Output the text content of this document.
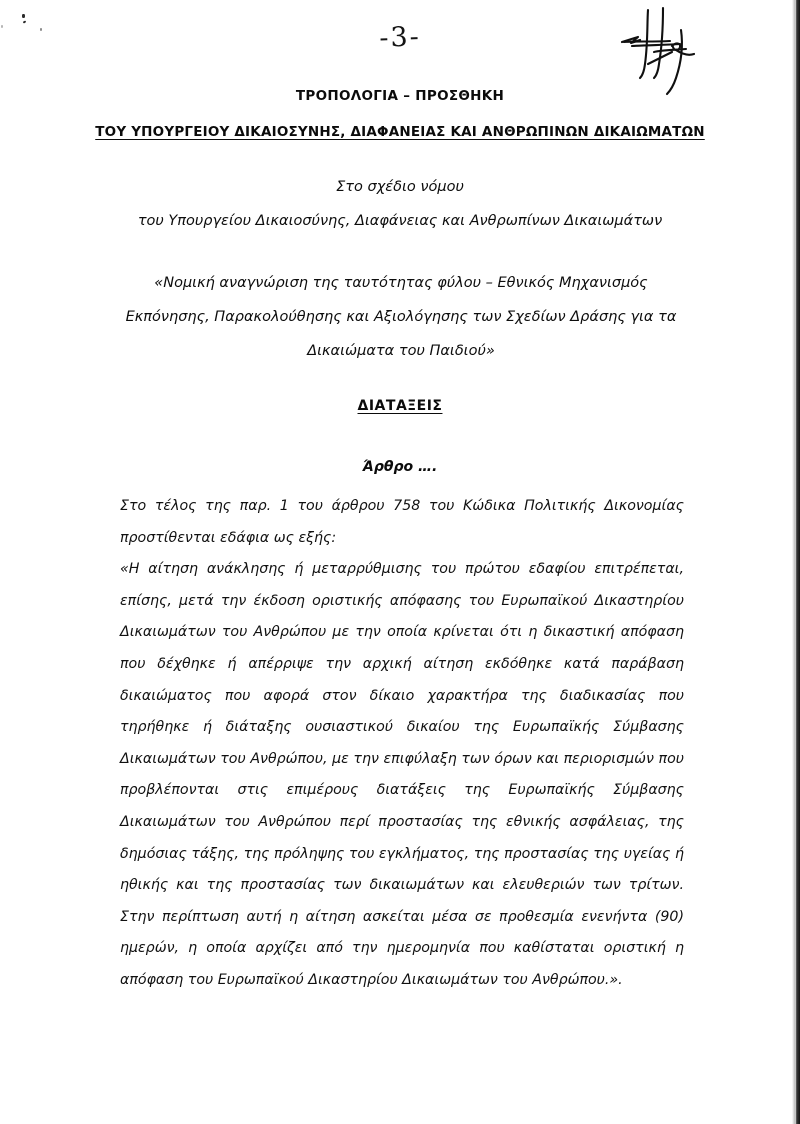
-3-
ΤΡΟΠΟΛΟΓΙΑ – ΠΡΟΣΘΗΚΗ
ΤΟΥ ΥΠΟΥΡΓΕΙΟΥ ΔΙΚΑΙΟΣΥΝΗΣ, ΔΙΑΦΑΝΕΙΑΣ ΚΑΙ ΑΝΘΡΩΠΙΝΩΝ ΔΙΚΑΙΩΜΑΤΩΝ
Στο σχέδιο νόμου
του Υπουργείου Δικαιοσύνης, Διαφάνειας και Ανθρωπίνων Δικαιωμάτων
«Νομική αναγνώριση της ταυτότητας φύλου – Εθνικός Μηχανισμός Εκπόνησης, Παρακολούθησης και Αξιολόγησης των Σχεδίων Δράσης για τα Δικαιώματα του Παιδιού»
ΔΙΑΤΑΞΕΙΣ
Άρθρο ….

Στο τέλος της παρ. 1 του άρθρου 758 του Κώδικα Πολιτικής Δικονομίας προστίθενται εδάφια ως εξής:

«Η αίτηση ανάκλησης ή μεταρρύθμισης του πρώτου εδαφίου επιτρέπεται, επίσης, μετά την έκδοση οριστικής απόφασης του Ευρωπαϊκού Δικαστηρίου Δικαιωμάτων του Ανθρώπου με την οποία κρίνεται ότι η δικαστική απόφαση που δέχθηκε ή απέρριψε την αρχική αίτηση εκδόθηκε κατά παράβαση δικαιώματος που αφορά στον δίκαιο χαρακτήρα της διαδικασίας που τηρήθηκε ή διάταξης ουσιαστικού δικαίου της Ευρωπαϊκής Σύμβασης Δικαιωμάτων του Ανθρώπου, με την επιφύλαξη των όρων και περιορισμών που προβλέπονται στις επιμέρους διατάξεις της Ευρωπαϊκής Σύμβασης Δικαιωμάτων του Ανθρώπου περί προστασίας της εθνικής ασφάλειας, της δημόσιας τάξης, της πρόληψης του εγκλήματος, της προστασίας της υγείας ή ηθικής και της προστασίας των δικαιωμάτων και ελευθεριών των τρίτων. Στην περίπτωση αυτή η αίτηση ασκείται μέσα σε προθεσμία ενενήντα (90) ημερών, η οποία αρχίζει από την ημερομηνία που καθίσταται οριστική η απόφαση του Ευρωπαϊκού Δικαστηρίου Δικαιωμάτων του Ανθρώπου.».
